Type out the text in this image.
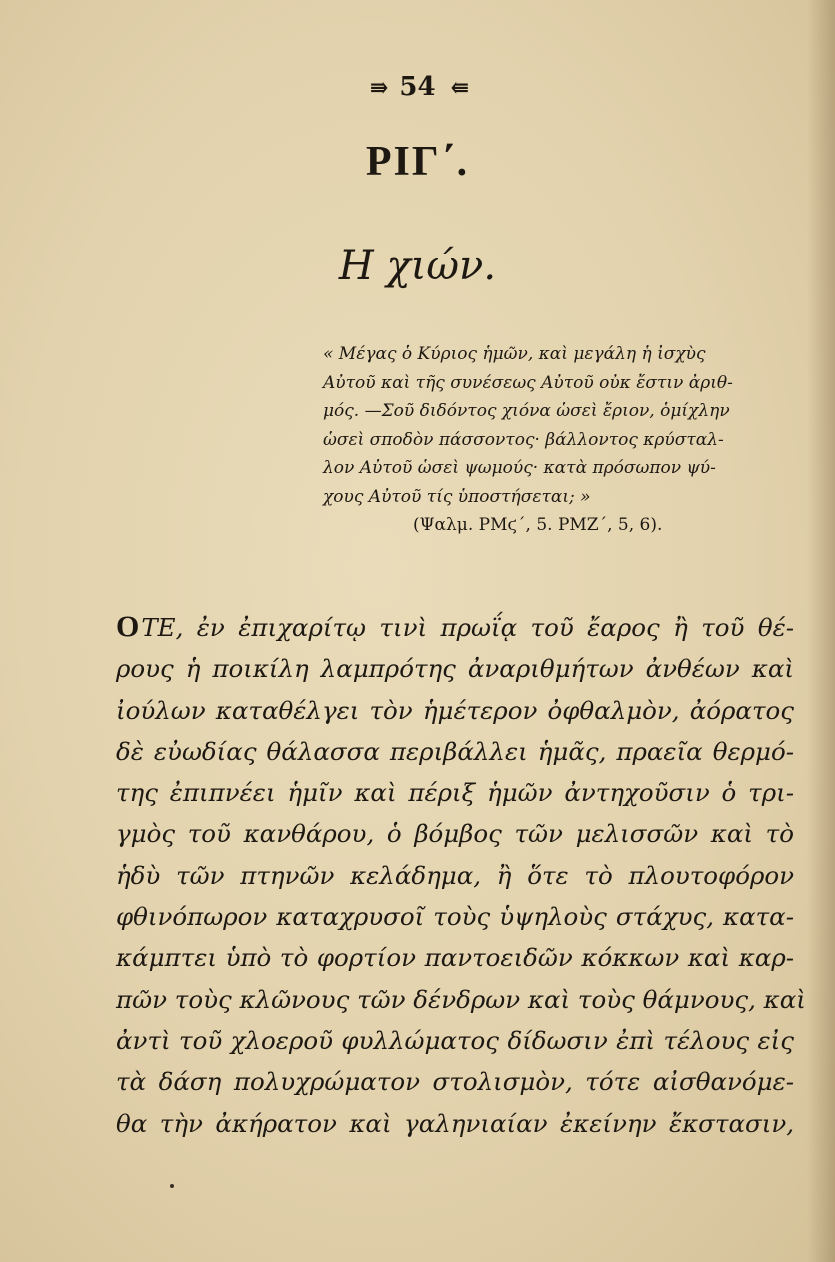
⇛ 54 ⇚
ΡΙΓ΄.
Η χιών.
« Μέγας ὁ Κύριος ἡμῶν, καὶ μεγάλη ἡ ἰσχὺς
Αὐτοῦ καὶ τῆς συνέσεως Αὐτοῦ οὐκ ἔστιν ἀριθ-
μός. —Σοῦ διδόντος χιόνα ὡσεὶ ἔριον, ὁμίχλην
ὡσεὶ σποδὸν πάσσοντος· βάλλοντος κρύσταλ-
λον Αὐτοῦ ὡσεὶ ψωμούς· κατὰ πρόσωπον ψύ-
χους Αὐτοῦ τίς ὑποστήσεται; »
(Ψαλμ. ΡΜϛ΄, 5. ΡΜΖ΄, 5, 6).
ΟΤΕ, ἐν ἐπιχαρίτῳ τινὶ πρωΐᾳ τοῦ ἔαρος ἢ τοῦ θέ-
ρους ἡ ποικίλη λαμπρότης ἀναριθμήτων ἀνθέων καὶ
ἰούλων καταθέλγει τὸν ἡμέτερον ὀφθαλμὸν, ἀόρατος
δὲ εὐωδίας θάλασσα περιβάλλει ἡμᾶς, πραεῖα θερμό-
της ἐπιπνέει ἡμῖν καὶ πέριξ ἡμῶν ἀντηχοῦσιν ὁ τρι-
γμὸς τοῦ κανθάρου, ὁ βόμβος τῶν μελισσῶν καὶ τὸ
ἡδὺ τῶν πτηνῶν κελάδημα, ἢ ὅτε τὸ πλουτοφόρον
φθινόπωρον καταχρυσοῖ τοὺς ὑψηλοὺς στάχυς, κατα-
κάμπτει ὑπὸ τὸ φορτίον παντοειδῶν κόκκων καὶ καρ-
πῶν τοὺς κλῶνους τῶν δένδρων καὶ τοὺς θάμνους, καὶ
ἀντὶ τοῦ χλοεροῦ φυλλώματος δίδωσιν ἐπὶ τέλους εἰς
τὰ δάση πολυχρώματον στολισμὸν, τότε αἰσθανόμε-
θα τὴν ἀκήρατον καὶ γαληνιαίαν ἐκείνην ἔκστασιν,
